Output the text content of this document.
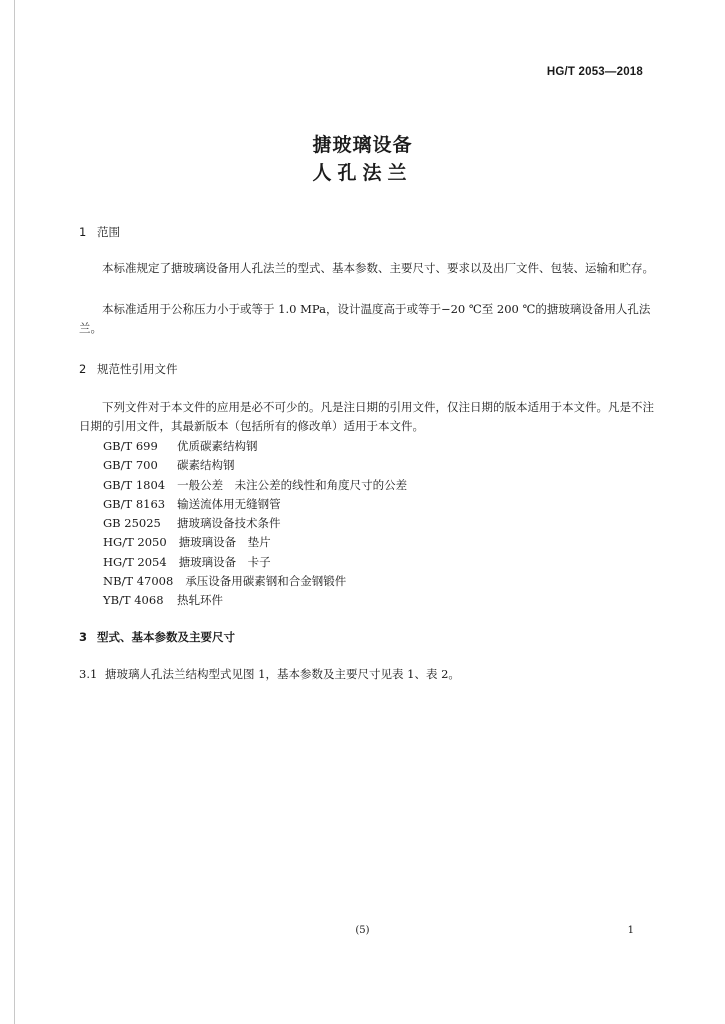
HG/T 2053—2018
搪玻璃设备
人孔法兰
1 范围

本标准规定了搪玻璃设备用人孔法兰的型式、基本参数、主要尺寸、要求以及出厂文件、包装、运输和贮存。

本标准适用于公称压力小于或等于 1.0 MPa，设计温度高于或等于−20 ℃至 200 ℃的搪玻璃设备用人孔法兰。

2 规范性引用文件

下列文件对于本文件的应用是必不可少的。凡是注日期的引用文件，仅注日期的版本适用于本文件。凡是不注日期的引用文件，其最新版本（包括所有的修改单）适用于本文件。

GB/T 699 优质碳素结构钢
GB/T 700 碳素结构钢
GB/T 1804 一般公差　未注公差的线性和角度尺寸的公差
GB/T 8163 输送流体用无缝钢管
GB 25025 搪玻璃设备技术条件
HG/T 2050 搪玻璃设备　垫片
HG/T 2054 搪玻璃设备　卡子
NB/T 47008 承压设备用碳素钢和合金钢锻件
YB/T 4068 热轧环件
3 型式、基本参数及主要尺寸
3.1 搪玻璃人孔法兰结构型式见图 1，基本参数及主要尺寸见表 1、表 2。
(5)	1
